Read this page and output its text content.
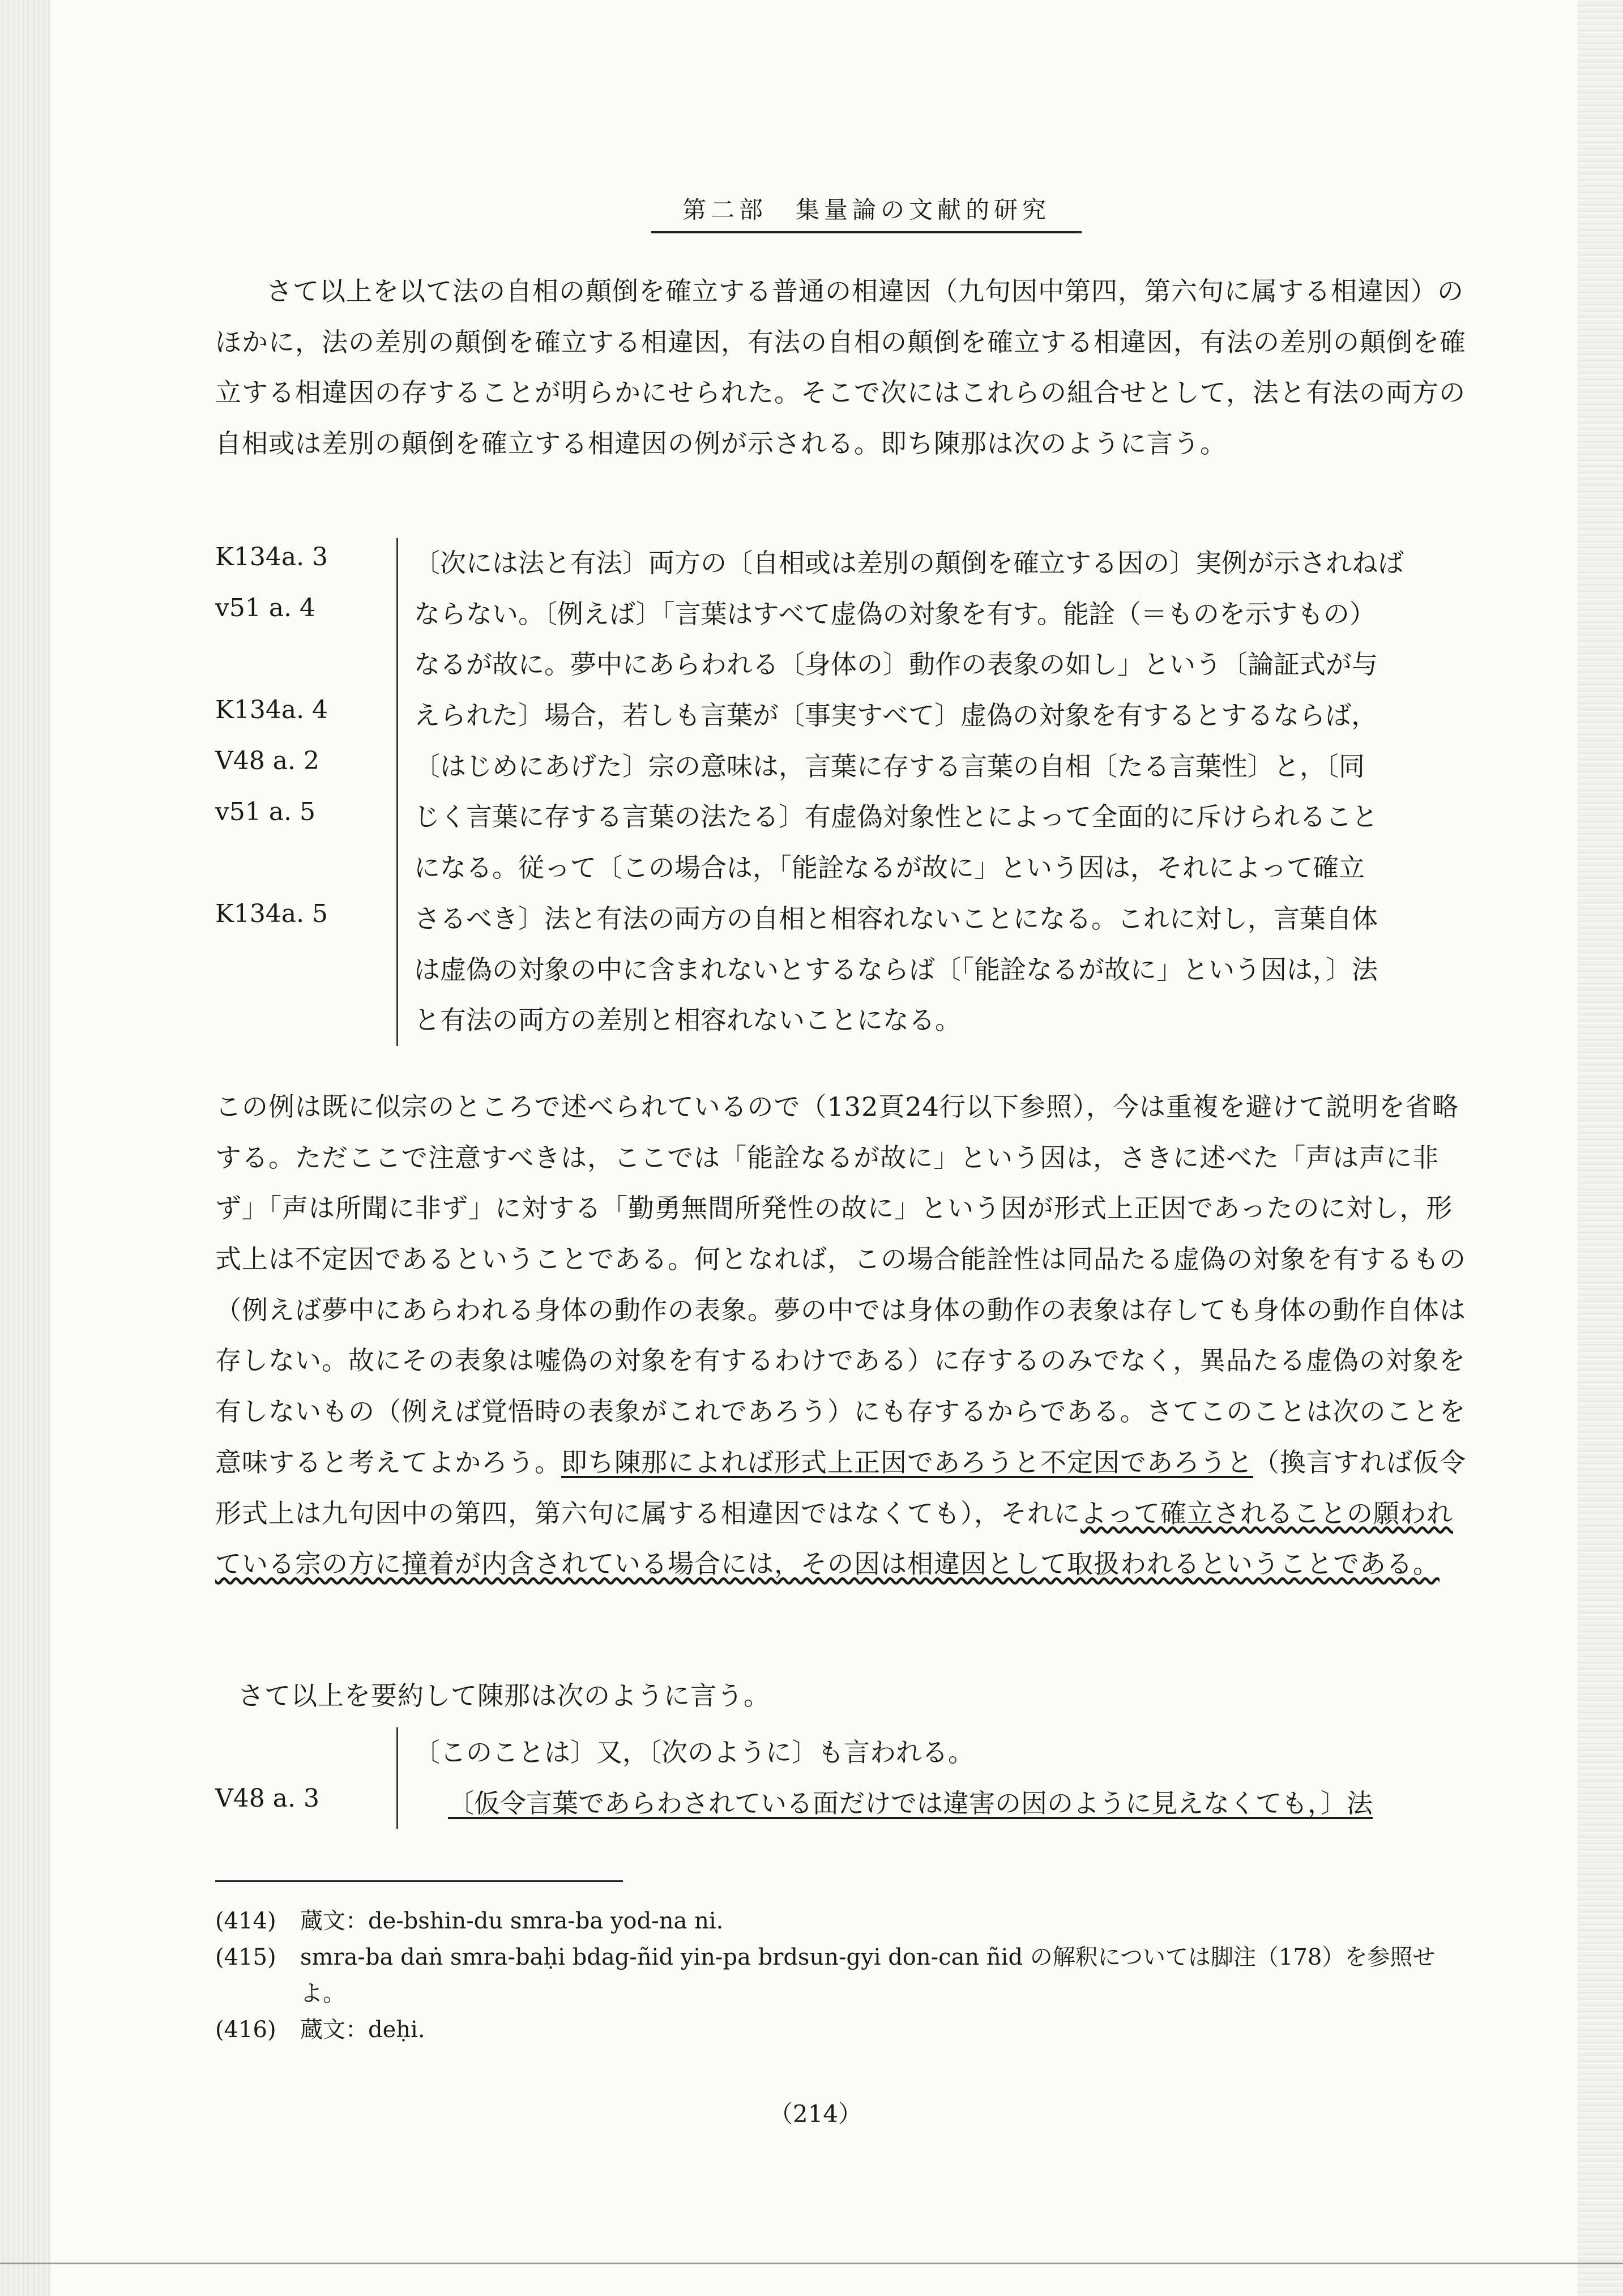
第二部　集量論の文献的研究
さて以上を以て法の自相の顛倒を確立する普通の相違因（九句因中第四，第六句に属する相違因）のほかに，法の差別の顛倒を確立する相違因，有法の自相の顛倒を確立する相違因，有法の差別の顛倒を確立する相違因の存することが明らかにせられた。そこで次にはこれらの組合せとして，法と有法の両方の自相或は差別の顛倒を確立する相違因の例が示される。即ち陳那は次のように言う。
K134a. 3
v51 a. 4
K134a. 4
V48 a. 2
v51 a. 5
K134a. 5
〔次には法と有法〕両方の〔自相或は差別の顛倒を確立する因の〕実例が示されねば
ならない。〔例えば〕「言葉はすべて虚偽の対象を有す。能詮（＝ものを示すもの）
なるが故に。夢中にあらわれる〔身体の〕動作の表象の如し」という〔論証式が与
えられた〕場合，若しも言葉が〔事実すべて〕虚偽の対象を有するとするならば，
〔はじめにあげた〕宗の意味は，言葉に存する言葉の自相〔たる言葉性〕と，〔同
じく言葉に存する言葉の法たる〕有虚偽対象性とによって全面的に斥けられること
になる。従って〔この場合は，「能詮なるが故に」という因は，それによって確立
さるべき〕法と有法の両方の自相と相容れないことになる。これに対し，言葉自体
は虚偽の対象の中に含まれないとするならば〔「能詮なるが故に」という因は，〕法
と有法の両方の差別と相容れないことになる。
この例は既に似宗のところで述べられているので（132頁24行以下参照），今は重複を避けて説明を省略する。ただここで注意すべきは，ここでは「能詮なるが故に」という因は，さきに述べた「声は声に非ず」「声は所聞に非ず」に対する「勤勇無間所発性の故に」という因が形式上正因であったのに対し，形式上は不定因であるということである。何となれば，この場合能詮性は同品たる虚偽の対象を有するもの（例えば夢中にあらわれる身体の動作の表象。夢の中では身体の動作の表象は存しても身体の動作自体は存しない。故にその表象は嘘偽の対象を有するわけである）に存するのみでなく，異品たる虚偽の対象を有しないもの（例えば覚悟時の表象がこれであろう）にも存するからである。さてこのことは次のことを意味すると考えてよかろう。即ち陳那によれば形式上正因であろうと不定因であろうと（換言すれば仮令形式上は九句因中の第四，第六句に属する相違因ではなくても），それによって確立されることの願われている宗の方に撞着が内含されている場合には，その因は相違因として取扱われるということである。
さて以上を要約して陳那は次のように言う。
V48 a. 3
〔このことは〕又，〔次のように〕も言われる。
〔仮令言葉であらわされている面だけでは違害の因のように見えなくても，〕法
(414)	蔵文：de-bshin-du smra-ba yod-na ni.
(415)	smra-ba daṅ smra-baḥi bdag-ñid yin-pa brdsun-gyi don-can ñid の解釈については脚注（178）を参照せよ。
(416)	蔵文：deḥi.
（214）
